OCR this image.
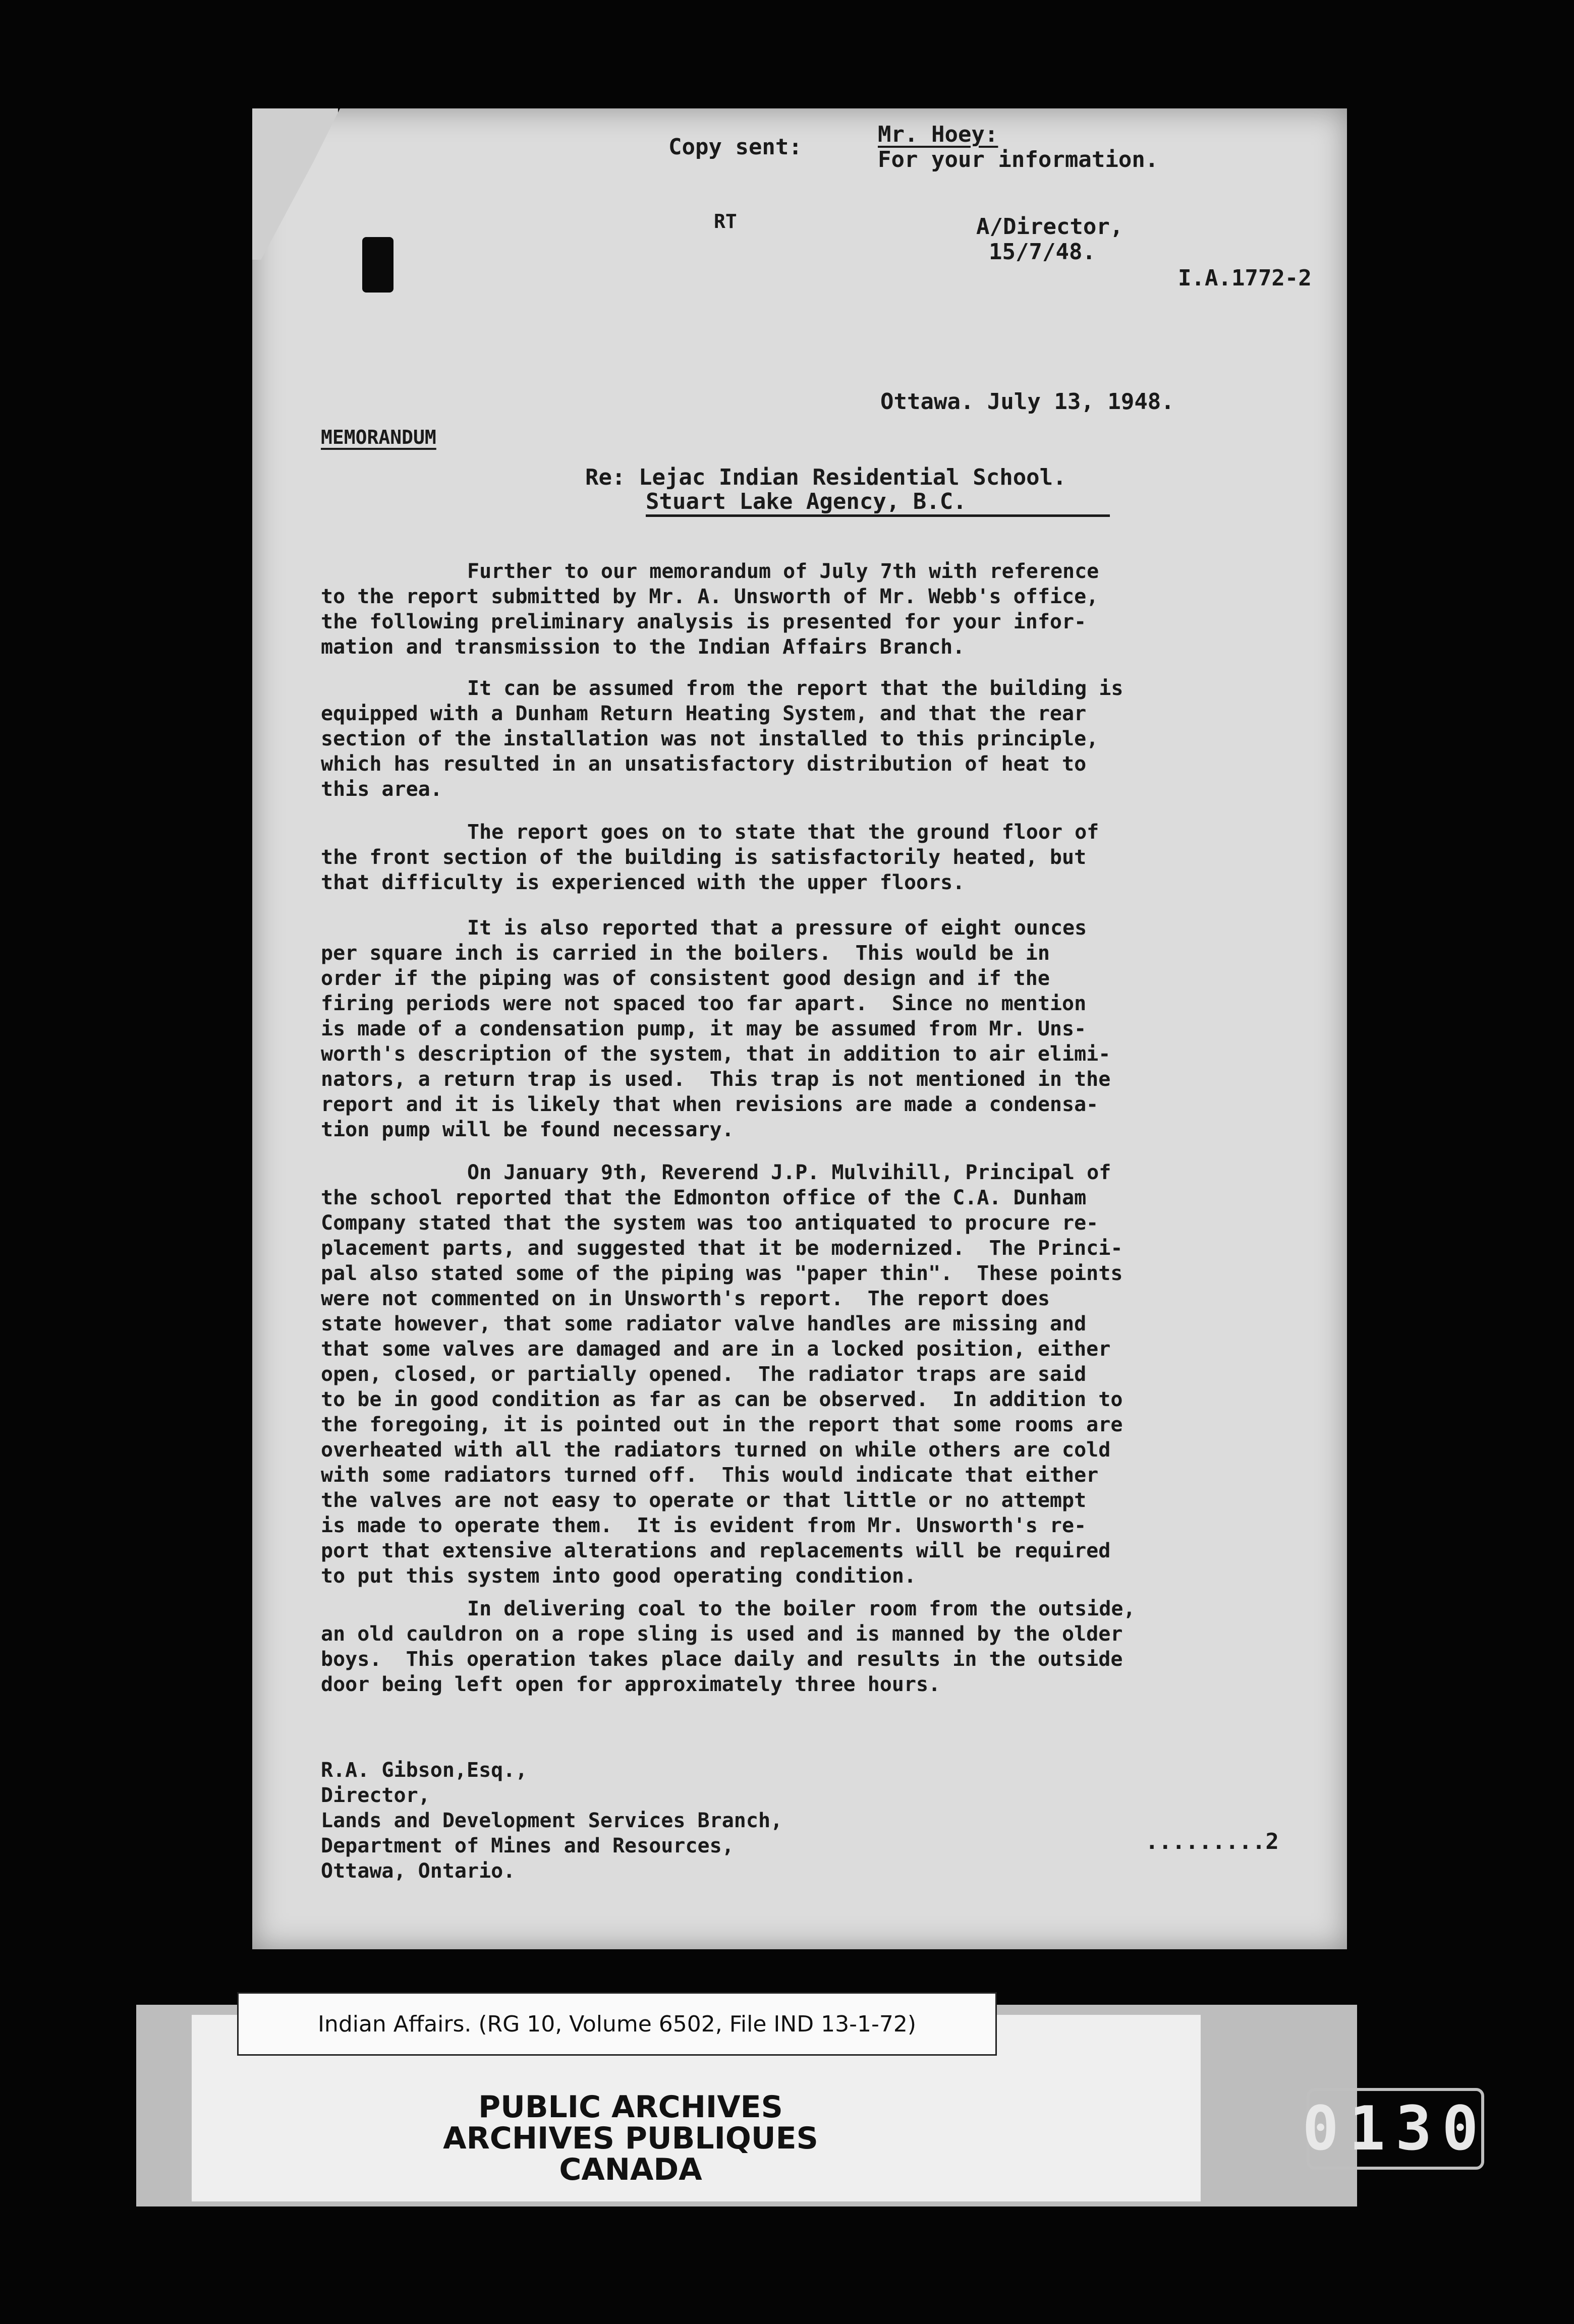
Copy sent:	Mr. Hoey:
For your information.
RT	A/Director,
15/7/48.
I.A.1772-2
Ottawa. July 13, 1948.
MEMORANDUM
Re: Lejac Indian Residential School.
Stuart Lake Agency, B.C.
Further to our memorandum of July 7th with reference
to the report submitted by Mr. A. Unsworth of Mr. Webb's office,
the following preliminary analysis is presented for your infor-
mation and transmission to the Indian Affairs Branch.
It can be assumed from the report that the building is
equipped with a Dunham Return Heating System, and that the rear
section of the installation was not installed to this principle,
which has resulted in an unsatisfactory distribution of heat to
this area.
The report goes on to state that the ground floor of
the front section of the building is satisfactorily heated, but
that difficulty is experienced with the upper floors.
It is also reported that a pressure of eight ounces
per square inch is carried in the boilers.  This would be in
order if the piping was of consistent good design and if the
firing periods were not spaced too far apart.  Since no mention
is made of a condensation pump, it may be assumed from Mr. Uns-
worth's description of the system, that in addition to air elimi-
nators, a return trap is used.  This trap is not mentioned in the
report and it is likely that when revisions are made a condensa-
tion pump will be found necessary.
On January 9th, Reverend J.P. Mulvihill, Principal of
the school reported that the Edmonton office of the C.A. Dunham
Company stated that the system was too antiquated to procure re-
placement parts, and suggested that it be modernized.  The Princi-
pal also stated some of the piping was "paper thin".  These points
were not commented on in Unsworth's report.  The report does
state however, that some radiator valve handles are missing and
that some valves are damaged and are in a locked position, either
open, closed, or partially opened.  The radiator traps are said
to be in good condition as far as can be observed.  In addition to
the foregoing, it is pointed out in the report that some rooms are
overheated with all the radiators turned on while others are cold
with some radiators turned off.  This would indicate that either
the valves are not easy to operate or that little or no attempt
is made to operate them.  It is evident from Mr. Unsworth's re-
port that extensive alterations and replacements will be required
to put this system into good operating condition.
In delivering coal to the boiler room from the outside,
an old cauldron on a rope sling is used and is manned by the older
boys.  This operation takes place daily and results in the outside
door being left open for approximately three hours.
R.A. Gibson,Esq.,
Director,
Lands and Development Services Branch,
Department of Mines and Resources,
Ottawa, Ontario.
.........2
Indian Affairs. (RG 10, Volume 6502, File IND 13-1-72)
PUBLIC ARCHIVES
ARCHIVES PUBLIQUES
CANADA
0130
